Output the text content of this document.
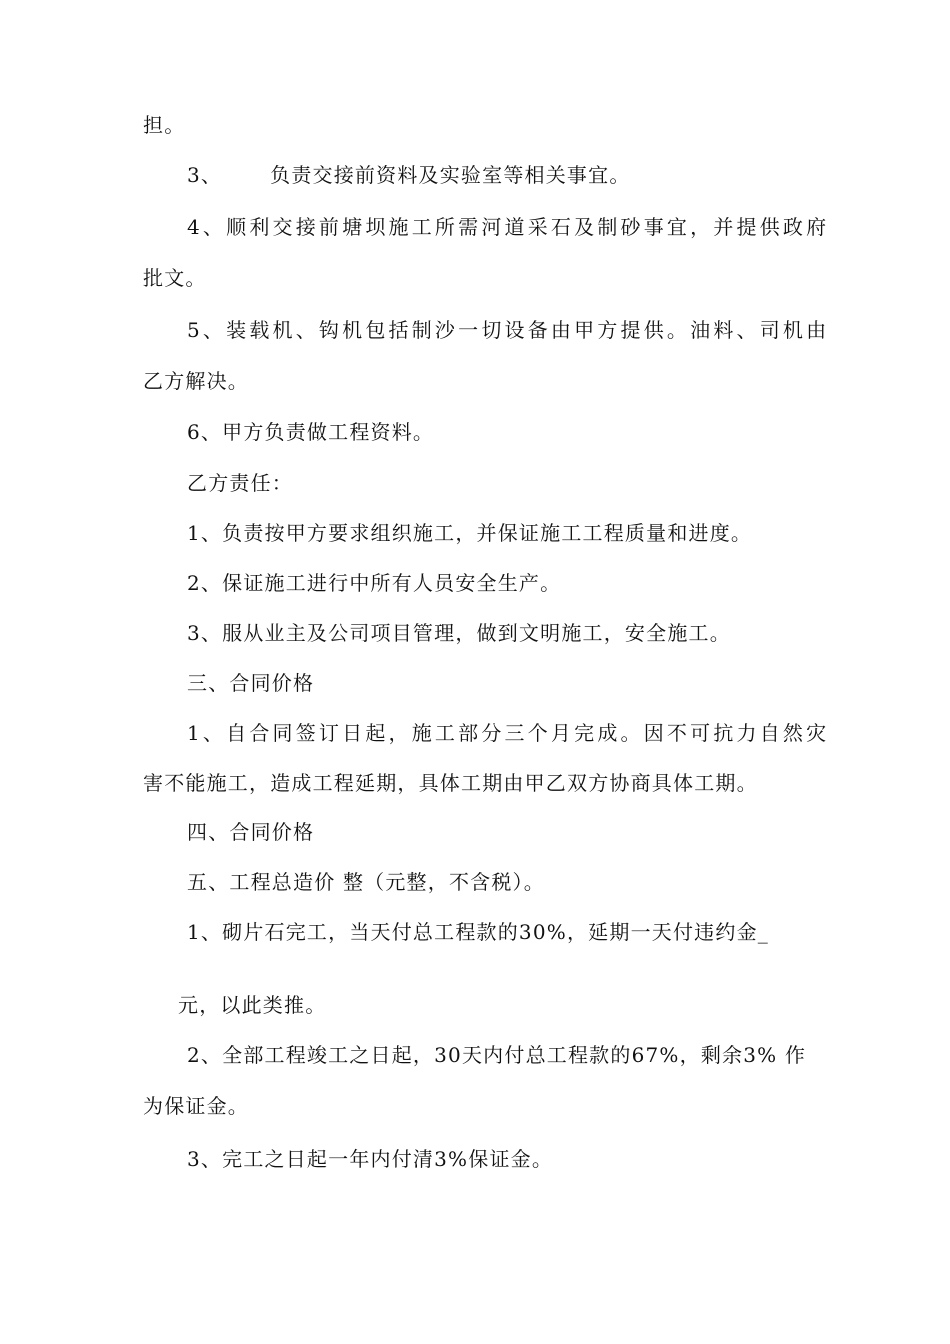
担。
3、 负责交接前资料及实验室等相关事宜。
4、顺利交接前塘坝施工所需河道采石及制砂事宜，并提供政府
批文。
5、装载机、钩机包括制沙一切设备由甲方提供。油料、司机由
乙方解决。
6、甲方负责做工程资料。
乙方责任：
1、负责按甲方要求组织施工，并保证施工工程质量和进度。
2、保证施工进行中所有人员安全生产。
3、服从业主及公司项目管理，做到文明施工，安全施工。
三、合同价格
1、自合同签订日起，施工部分三个月完成。因不可抗力自然灾
害不能施工，造成工程延期，具体工期由甲乙双方协商具体工期。
四、合同价格
五、工程总造价 整（元整，不含税）。
1、砌片石完工，当天付总工程款的30%，延期一天付违约金_
元，以此类推。
2、全部工程竣工之日起，30天内付总工程款的67%，剩余3% 作
为保证金。
3、完工之日起一年内付清3%保证金。
